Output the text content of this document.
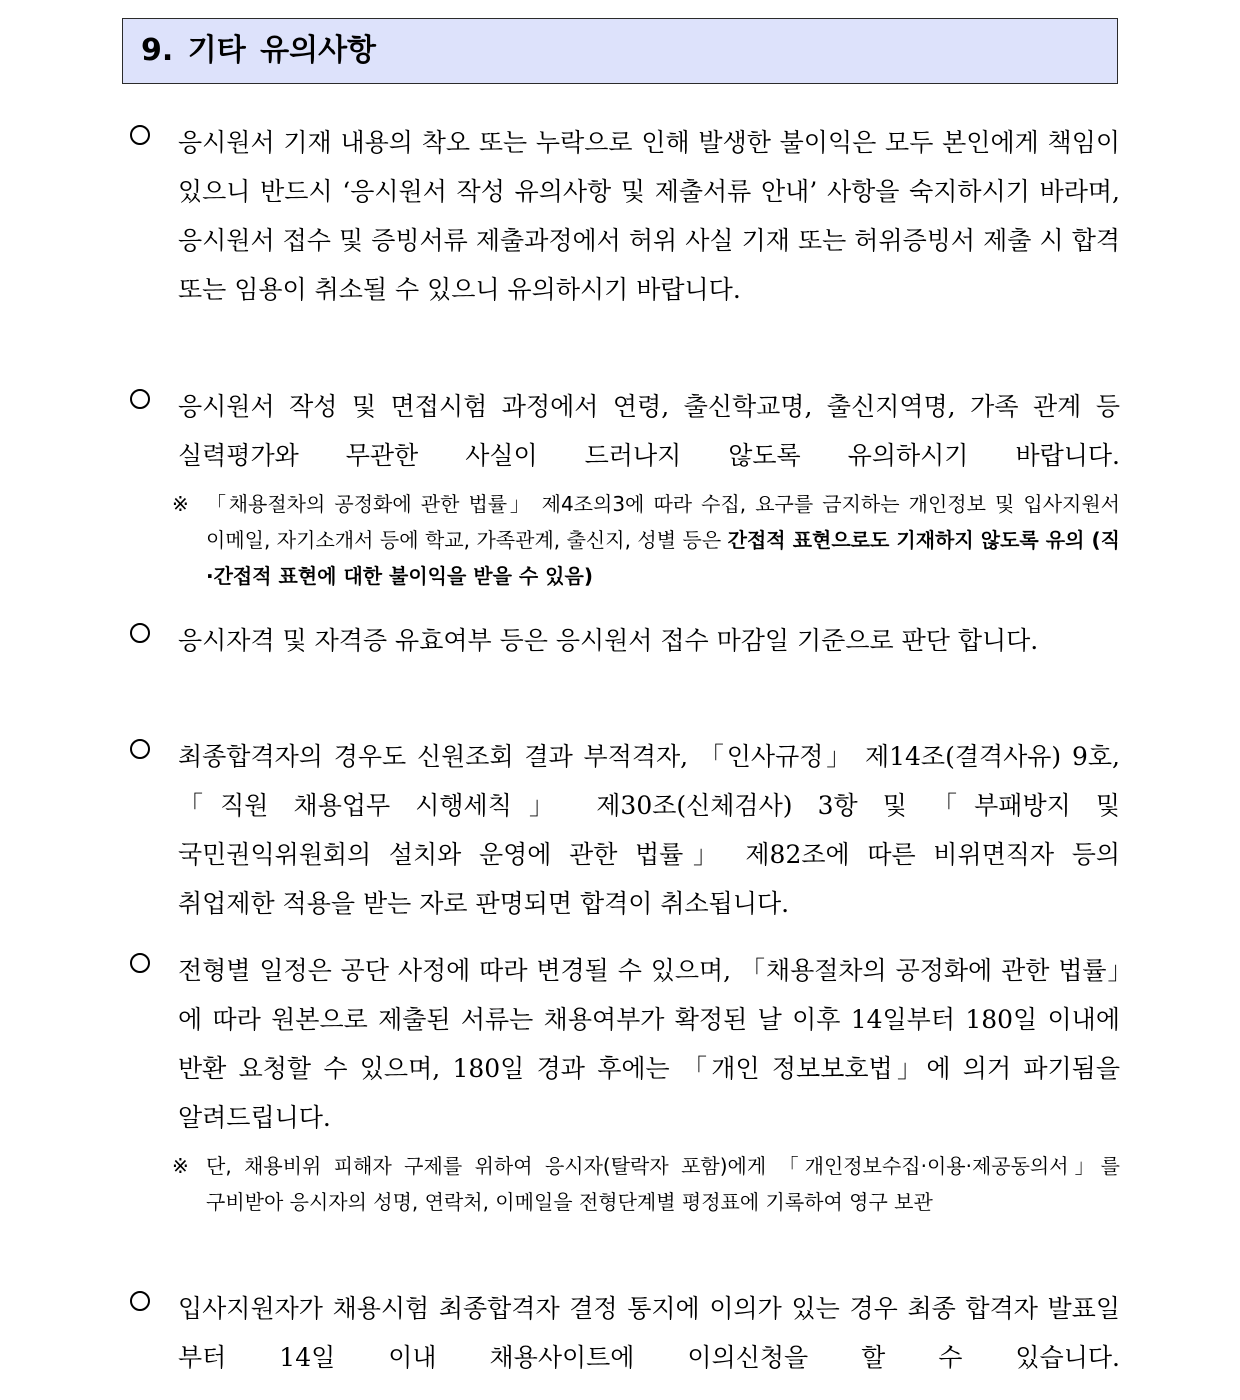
9. 기타 유의사항
응시원서 기재 내용의 착오 또는 누락으로 인해 발생한 불이익은 모두 본인에게 책임이 있으니 반드시 ‘응시원서 작성 유의사항 및 제출서류 안내’ 사항을 숙지하시기 바라며, 응시원서 접수 및 증빙서류 제출과정에서 허위 사실 기재 또는 허위증빙서 제출 시 합격 또는 임용이 취소될 수 있으니 유의하시기 바랍니다.
응시원서 작성 및 면접시험 과정에서 연령, 출신학교명, 출신지역명, 가족 관계 등 실력평가와 무관한 사실이 드러나지 않도록 유의하시기 바랍니다.
※ 「채용절차의 공정화에 관한 법률」 제4조의3에 따라 수집, 요구를 금지하는 개인정보 및 입사지원서 이메일, 자기소개서 등에 학교, 가족관계, 출신지, 성별 등은 간접적 표현으로도 기재하지 않도록 유의 (직·간접적 표현에 대한 불이익을 받을 수 있음)
응시자격 및 자격증 유효여부 등은 응시원서 접수 마감일 기준으로 판단 합니다.
최종합격자의 경우도 신원조회 결과 부적격자, 「인사규정」 제14조(결격사유) 9호, 「직원 채용업무 시행세칙」 제30조(신체검사) 3항 및 「부패방지 및 국민권익위원회의 설치와 운영에 관한 법률」 제82조에 따른 비위면직자 등의 취업제한 적용을 받는 자로 판명되면 합격이 취소됩니다.
전형별 일정은 공단 사정에 따라 변경될 수 있으며, 「채용절차의 공정화에 관한 법률」에 따라 원본으로 제출된 서류는 채용여부가 확정된 날 이후 14일부터 180일 이내에 반환 요청할 수 있으며, 180일 경과 후에는 「개인 정보보호법」에 의거 파기됨을 알려드립니다.
※ 단, 채용비위 피해자 구제를 위하여 응시자(탈락자 포함)에게 「개인정보수집·이용·제공동의서」를 구비받아 응시자의 성명, 연락처, 이메일을 전형단계별 평정표에 기록하여 영구 보관
입사지원자가 채용시험 최종합격자 결정 통지에 이의가 있는 경우 최종 합격자 발표일 부터 14일 이내 채용사이트에 이의신청을 할 수 있습니다.
